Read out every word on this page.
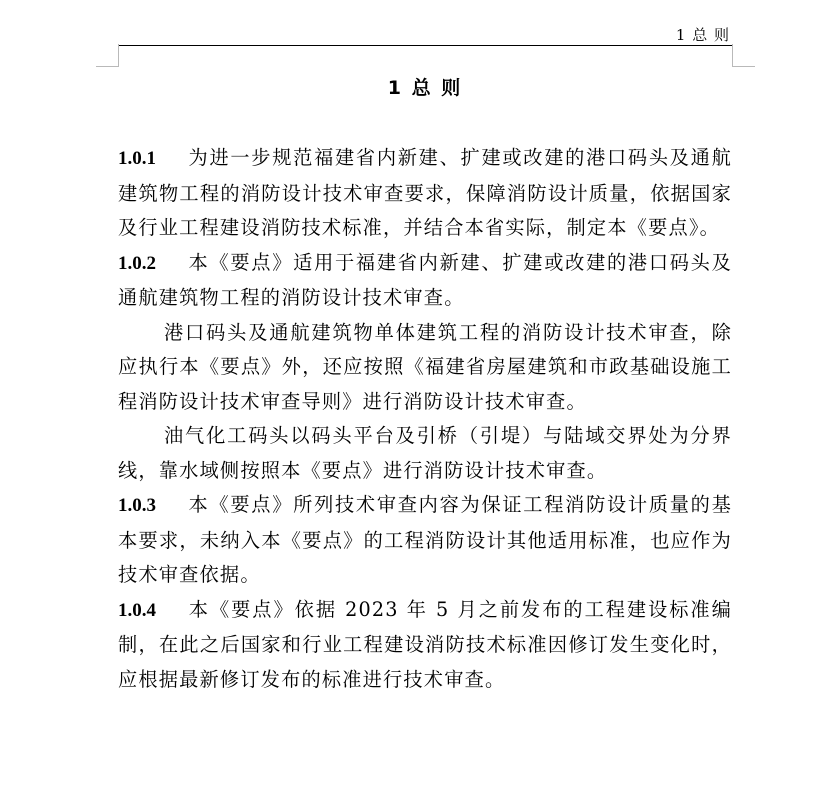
1 总 则
1 总 则

1.0.1 为进一步规范福建省内新建、扩建或改建的港口码头及通航建筑物工程的消防设计技术审查要求，保障消防设计质量，依据国家及行业工程建设消防技术标准，并结合本省实际，制定本《要点》。

1.0.2 本《要点》适用于福建省内新建、扩建或改建的港口码头及通航建筑物工程的消防设计技术审查。

港口码头及通航建筑物单体建筑工程的消防设计技术审查，除应执行本《要点》外，还应按照《福建省房屋建筑和市政基础设施工程消防设计技术审查导则》进行消防设计技术审查。

油气化工码头以码头平台及引桥（引堤）与陆域交界处为分界线，靠水域侧按照本《要点》进行消防设计技术审查。

1.0.3 本《要点》所列技术审查内容为保证工程消防设计质量的基本要求，未纳入本《要点》的工程消防设计其他适用标准，也应作为技术审查依据。

1.0.4 本《要点》依据 2023 年 5 月之前发布的工程建设标准编制，在此之后国家和行业工程建设消防技术标准因修订发生变化时，应根据最新修订发布的标准进行技术审查。
